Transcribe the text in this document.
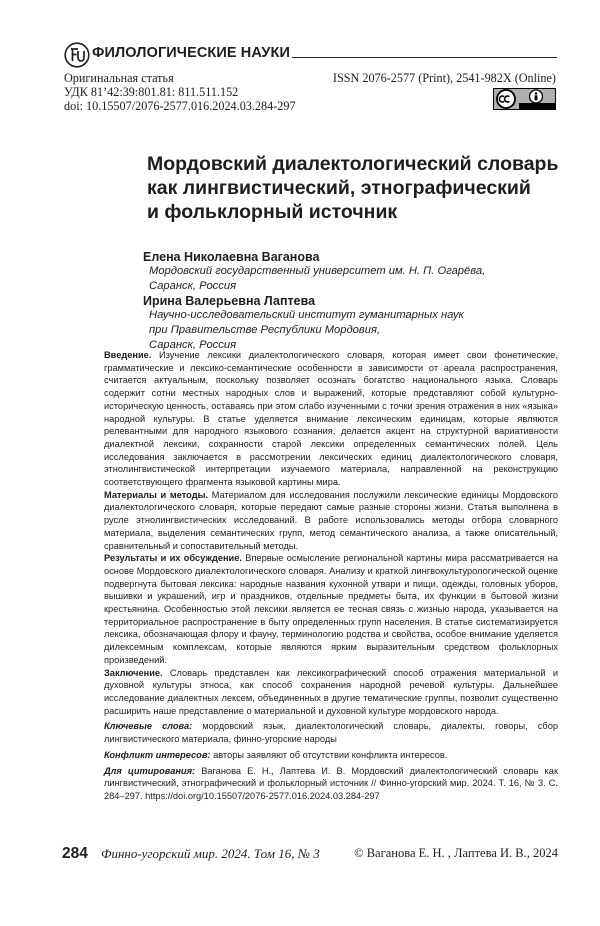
ФИЛОЛОГИЧЕСКИЕ НАУКИ
Оригинальная статья
УДК 81’42:39:801.81: 811.511.152
doi: 10.15507/2076-2577.016.2024.03.284-297
ISSN 2076-2577 (Print), 2541-982X (Online)
Мордовский диалектологический словарь
как лингвистический, этнографический
и фольклорный источник
Елена Николаевна Ваганова
Мордовский государственный университет им. Н. П. Огарёва,
Саранск, Россия
Ирина Валерьевна Лаптева
Научно-исследовательский институт гуманитарных наук
при Правительстве Республики Мордовия,
Саранск, Россия

Введение. Изучение лексики диалектологического словаря, которая имеет свои фонетические, грамматические и лексико-семантические особенности в зависимости от ареала распространения, считается актуальным, поскольку позволяет осознать богатство национального языка. Словарь содержит сотни местных народных слов и выражений, которые представляют собой культурно-историческую ценность, оставаясь при этом слабо изученными с точки зрения отражения в них «языка» народной культуры. В статье уделяется внимание лексическим единицам, которые являются релевантными для народного языкового сознания, делается акцент на структурной вариативности диалектной лексики, сохранности старой лексики определенных семантических полей. Цель исследования заключается в рассмотрении лексических единиц диалектологического словаря, этнолингвистической интерпретации изучаемого материала, направленной на реконструкцию соответствующего фрагмента языковой картины мира.

Материалы и методы. Материалом для исследования послужили лексические единицы Мордовского диалектологического словаря, которые передают самые разные стороны жизни. Статья выполнена в русле этнолингвистических исследований. В работе использовались методы отбора словарного материала, выделения семантических групп, метод семантического анализа, а также описательный, сравнительный и сопоставительный методы.

Результаты и их обсуждение. Впервые осмысление региональной картины мира рассматривается на основе Мордовского диалектологического словаря. Анализу и краткой лингвокультурологической оценке подвергнута бытовая лексика: народные названия кухонной утвари и пищи, одежды, головных уборов, вышивки и украшений, игр и праздников, отдельные предметы быта, их функции в бытовой жизни крестьянина. Особенностью этой лексики является ее тесная связь с жизнью народа, указывается на территориальное распространение в быту определенных групп населения. В статье систематизируется лексика, обозначающая флору и фауну, терминологию родства и свойства, особое внимание уделяется дилексемным комплексам, которые являются ярким выразительным средством фольклорных произведений.

Заключение. Словарь представлен как лексикографический способ отражения материальной и духовной культуры этноса, как способ сохранения народной речевой культуры. Дальнейшее исследование диалектных лексем, объединенных в другие тематические группы, позволит существенно расширить наше представление о материальной и духовной культуре мордовского народа.

Ключевые слова: мордовский язык, диалектологический словарь, диалекты, говоры, сбор лингвистического материала, финно-угорские народы

Конфликт интересов: авторы заявляют об отсутствии конфликта интересов.

Для цитирования: Ваганова Е. Н., Лаптева И. В. Мордовский диалектологический словарь как лингвистический, этнографический и фольклорный источник // Финно-угорский мир. 2024. Т. 16, № 3. С. 284–297. https://doi.org/10.15507/2076-2577.016.2024.03.284-297

284 Финно-угорский мир. 2024. Том 16, № 3	© Ваганова Е. Н. , Лаптева И. В., 2024
